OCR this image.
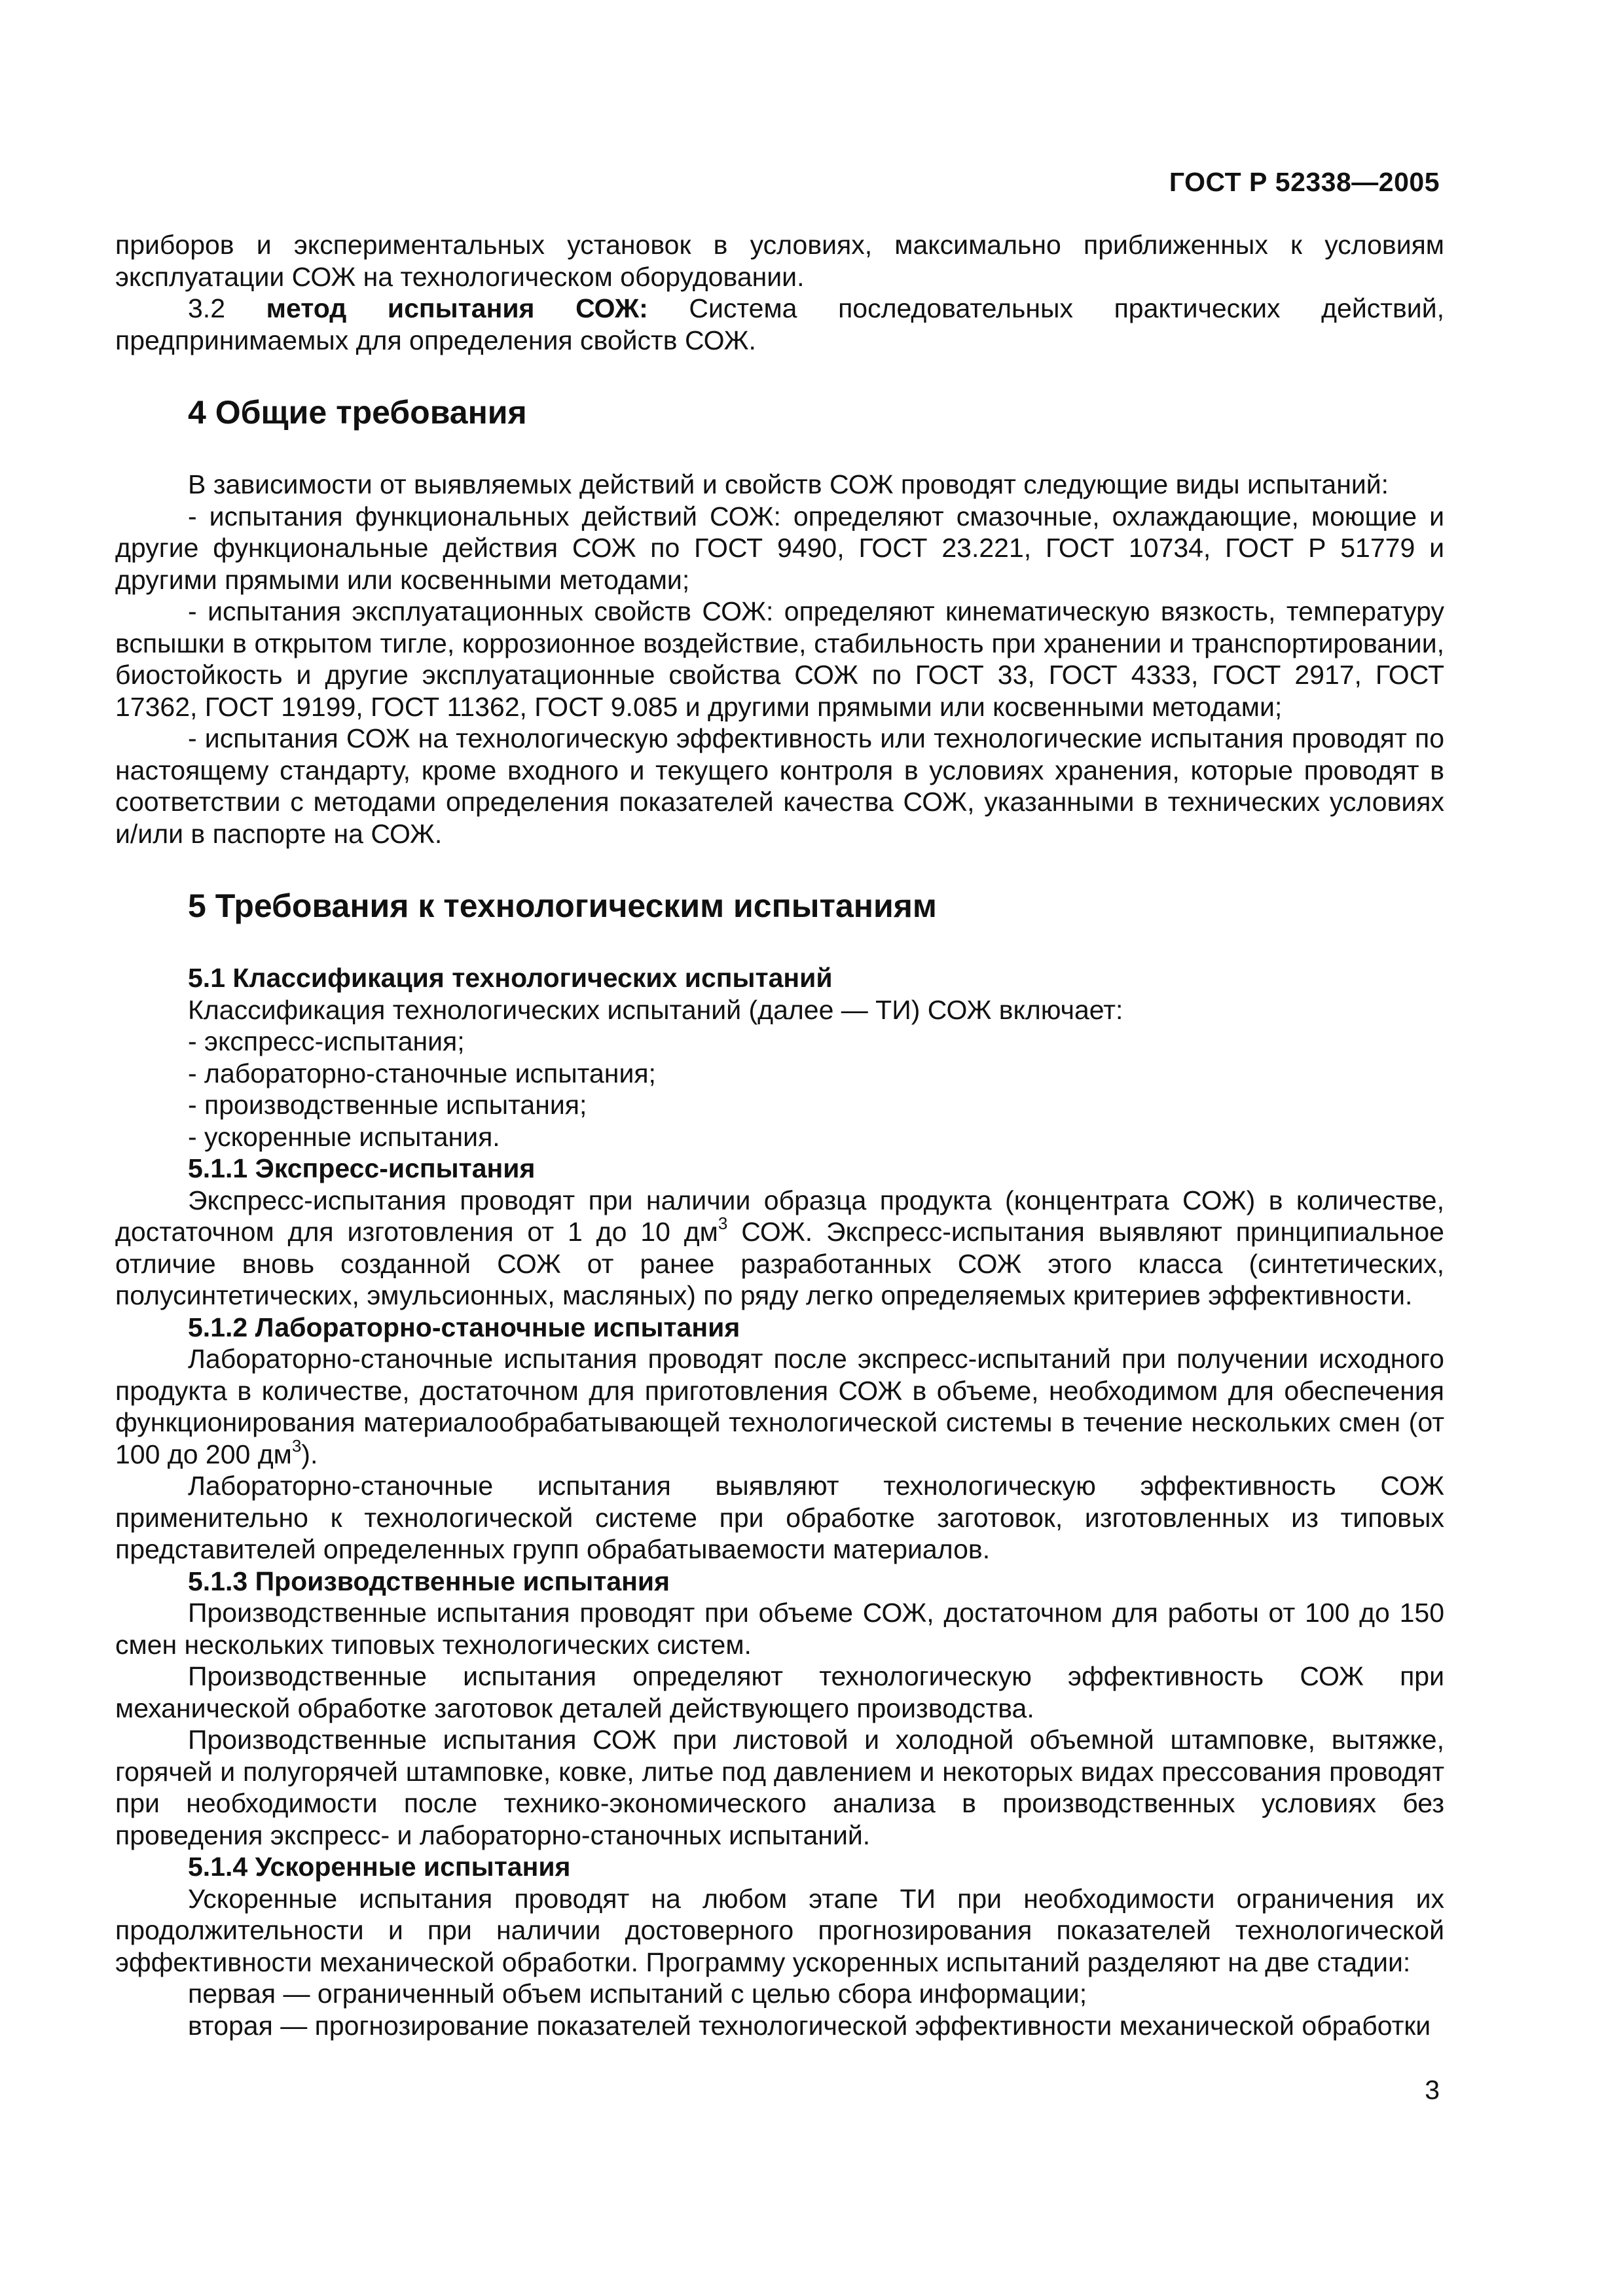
ГОСТ Р 52338—2005

приборов и экспериментальных установок в условиях, максимально приближенных к условиям эксплуатации СОЖ на технологическом оборудовании.

3.2 метод испытания СОЖ: Система последовательных практических действий, предпринимаемых для определения свойств СОЖ.

4 Общие требования

В зависимости от выявляемых действий и свойств СОЖ проводят следующие виды испытаний:

- испытания функциональных действий СОЖ: определяют смазочные, охлаждающие, моющие и другие функциональные действия СОЖ по ГОСТ 9490, ГОСТ 23.221, ГОСТ 10734, ГОСТ Р 51779 и другими прямыми или косвенными методами;

- испытания эксплуатационных свойств СОЖ: определяют кинематическую вязкость, температуру вспышки в открытом тигле, коррозионное воздействие, стабильность при хранении и транспортировании, биостойкость и другие эксплуатационные свойства СОЖ по ГОСТ 33, ГОСТ 4333, ГОСТ 2917, ГОСТ 17362, ГОСТ 19199, ГОСТ 11362, ГОСТ 9.085 и другими прямыми или косвенными методами;

- испытания СОЖ на технологическую эффективность или технологические испытания проводят по настоящему стандарту, кроме входного и текущего контроля в условиях хранения, которые проводят в соответствии с методами определения показателей качества СОЖ, указанными в технических условиях и/или в паспорте на СОЖ.

5 Требования к технологическим испытаниям

5.1 Классификация технологических испытаний

Классификация технологических испытаний (далее — ТИ) СОЖ включает:

- экспресс-испытания;

- лабораторно-станочные испытания;

- производственные испытания;

- ускоренные испытания.

5.1.1 Экспресс-испытания

Экспресс-испытания проводят при наличии образца продукта (концентрата СОЖ) в количестве, достаточном для изготовления от 1 до 10 $дм^3$ СОЖ. Экспресс-испытания выявляют принципиальное отличие вновь созданной СОЖ от ранее разработанных СОЖ этого класса (синтетических, полусинтетических, эмульсионных, масляных) по ряду легко определяемых критериев эффективности.

5.1.2 Лабораторно-станочные испытания

Лабораторно-станочные испытания проводят после экспресс-испытаний при получении исходного продукта в количестве, достаточном для приготовления СОЖ в объеме, необходимом для обеспечения функционирования материалообрабатывающей технологической системы в течение нескольких смен (от 100 до 200 $дм^3$).

Лабораторно-станочные испытания выявляют технологическую эффективность СОЖ применительно к технологической системе при обработке заготовок, изготовленных из типовых представителей определенных групп обрабатываемости материалов.

5.1.3 Производственные испытания

Производственные испытания проводят при объеме СОЖ, достаточном для работы от 100 до 150 смен нескольких типовых технологических систем.

Производственные испытания определяют технологическую эффективность СОЖ при механической обработке заготовок деталей действующего производства.

Производственные испытания СОЖ при листовой и холодной объемной штамповке, вытяжке, горячей и полугорячей штамповке, ковке, литье под давлением и некоторых видах прессования проводят при необходимости после технико-экономического анализа в производственных условиях без проведения экспресс- и лабораторно-станочных испытаний.

5.1.4 Ускоренные испытания

Ускоренные испытания проводят на любом этапе ТИ при необходимости ограничения их продолжительности и при наличии достоверного прогнозирования показателей технологической эффективности механической обработки. Программу ускоренных испытаний разделяют на две стадии:

первая — ограниченный объем испытаний с целью сбора информации;

вторая — прогнозирование показателей технологической эффективности механической обработки

3
